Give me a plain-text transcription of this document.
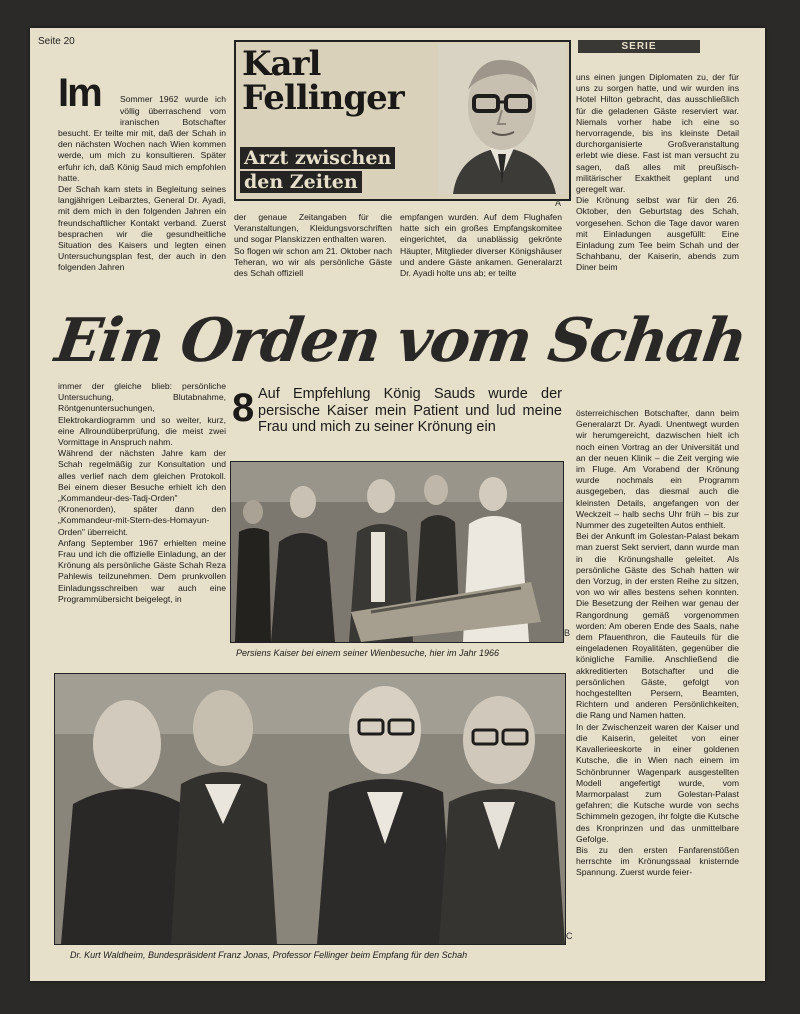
Seite 20	SERIE
Karl
Fellinger
Arzt zwischen
den Zeiten
A
Im	Sommer 1962 wurde ich völlig überraschend vom iranischen Botschafter besucht. Er teilte mir mit, daß der Schah in den nächsten Wochen nach Wien kommen werde, um mich zu konsultieren. Später erfuhr ich, daß König Saud mich empfohlen hatte.
Der Schah kam stets in Begleitung seines langjährigen Leibarztes, General Dr. Ayadi, mit dem mich in den folgenden Jahren ein freundschaftlicher Kontakt verband. Zuerst besprachen wir die gesundheitliche Situation des Kaisers und legten einen Untersuchungsplan fest, der auch in den folgenden Jahren

der genaue Zeitangaben für die Veranstaltungen, Kleidungsvorschriften und sogar Planskizzen enthalten waren.
So flogen wir schon am 21. Oktober nach Teheran, wo wir als persönliche Gäste des Schah offiziell
empfangen wurden. Auf dem Flughafen hatte sich ein großes Empfangskomitee eingerichtet, da unablässig gekrönte Häupter, Mitglieder diverser Königshäuser und andere Gäste ankamen. Generalarzt Dr. Ayadi holte uns ab; er teilte
uns einen jungen Diplomaten zu, der für uns zu sorgen hatte, und wir wurden ins Hotel Hilton gebracht, das ausschließlich für die geladenen Gäste reserviert war. Niemals vorher habe ich eine so hervorragende, bis ins kleinste Detail durchorganisierte Großveranstaltung erlebt wie diese. Fast ist man versucht zu sagen, daß alles mit preußisch-militärischer Exaktheit geplant und geregelt war.
Die Krönung selbst war für den 26. Oktober, den Geburtstag des Schah, vorgesehen. Schon die Tage davor waren mit Einladungen ausgefüllt: Eine Einladung zum Tee beim Schah und der Schahbanu, der Kaiserin, abends zum Diner beim
Ein Orden vom Schah
immer der gleiche blieb: persönliche Untersuchung, Blutabnahme, Röntgenuntersuchungen, Elektrokardiogramm und so weiter, kurz, eine Allroundüberprüfung, die meist zwei Vormittage in Anspruch nahm.
Während der nächsten Jahre kam der Schah regelmäßig zur Konsultation und alles verlief nach dem gleichen Protokoll. Bei einem dieser Besuche erhielt ich den „Kommandeur-des-Tadj-Orden" (Kronenorden), später dann den „Kommandeur-mit-Stern-des-Homayun-Orden" überreicht.
Anfang September 1967 erhielten meine Frau und ich die offizielle Einladung, an der Krönung als persönliche Gäste Schah Reza Pahlewis teilzunehmen. Dem prunkvollen Einladungsschreiben war auch eine Programmübersicht beigelegt, in
8 Auf Empfehlung König Sauds wurde der persische Kaiser mein Patient und lud meine Frau und mich zu seiner Krönung ein
B
Persiens Kaiser bei einem seiner Wienbesuche, hier im Jahr 1966
österreichischen Botschafter, dann beim Generalarzt Dr. Ayadi. Unentwegt wurden wir herumgereicht, dazwischen hielt ich noch einen Vortrag an der Universität und an der neuen Klinik – die Zeit verging wie im Fluge. Am Vorabend der Krönung wurde nochmals ein Programm ausgegeben, das diesmal auch die kleinsten Details, angefangen von der Weckzeit – halb sechs Uhr früh – bis zur Nummer des zugeteilten Autos enthielt.
Bei der Ankunft im Golestan-Palast bekam man zuerst Sekt serviert, dann wurde man in die Krönungshalle geleitet. Als persönliche Gäste des Schah hatten wir den Vorzug, in der ersten Reihe zu sitzen, von wo wir alles bestens sehen konnten. Die Besetzung der Reihen war genau der Rangordnung gemäß vorgenommen worden: Am oberen Ende des Saals, nahe dem Pfauenthron, die Fauteuils für die eingeladenen Royalitäten, gegenüber die königliche Familie. Anschließend die akkreditierten Botschafter und die persönlichen Gäste, gefolgt von hochgestellten Persern, Beamten, Richtern und anderen Persönlichkeiten, die Rang und Namen hatten.
In der Zwischenzeit waren der Kaiser und die Kaiserin, geleitet von einer Kavallerieeskorte in einer goldenen Kutsche, die in Wien nach einem im Schönbrunner Wagenpark ausgestellten Modell angefertigt wurde, vom Marmorpalast zum Golestan-Palast gefahren; die Kutsche wurde von sechs Schimmeln gezogen, ihr folgte die Kutsche des Kronprinzen und das unmittelbare Gefolge.
Bis zu den ersten Fanfarenstößen herrschte im Krönungssaal knisternde Spannung. Zuerst wurde feier-
C
Dr. Kurt Waldheim, Bundespräsident Franz Jonas, Professor Fellinger beim Empfang für den Schah
